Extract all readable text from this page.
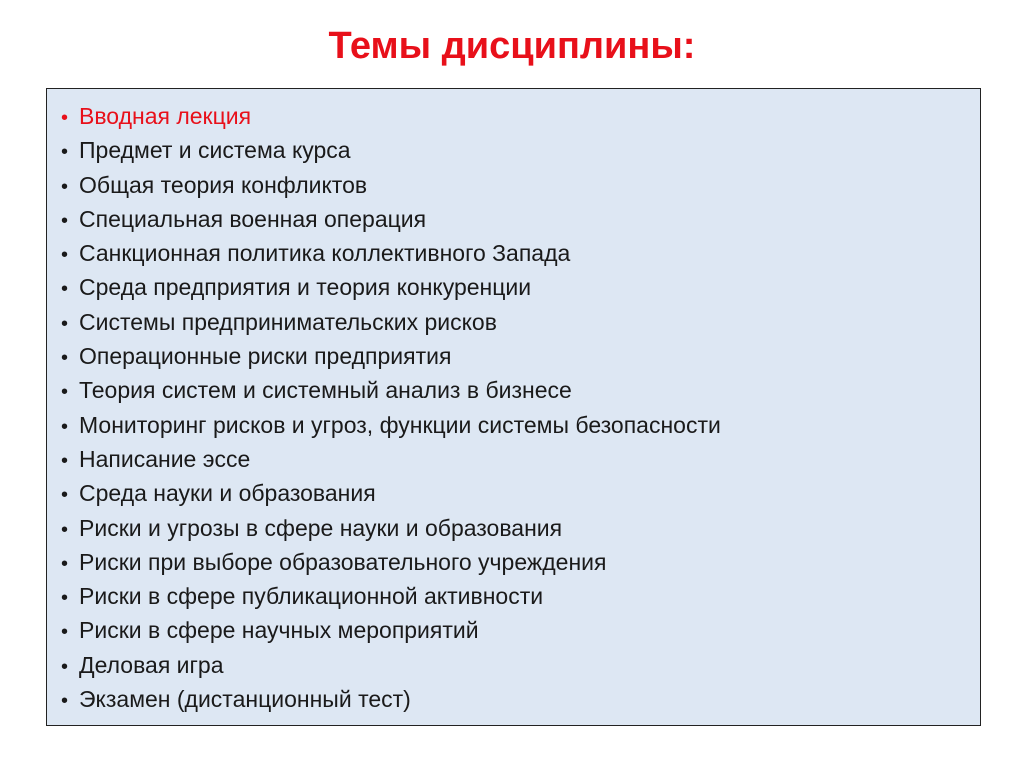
Темы дисциплины:
• Вводная лекция
• Предмет и система курса
• Общая теория конфликтов
• Специальная военная операция
• Санкционная политика коллективного Запада
• Среда предприятия и теория конкуренции
• Системы предпринимательских рисков
• Операционные риски предприятия
• Теория систем и системный анализ в бизнесе
• Мониторинг рисков и угроз, функции системы безопасности
• Написание эссе
• Среда науки и образования
• Риски и угрозы в сфере науки и образования
• Риски при выборе образовательного учреждения
• Риски в сфере публикационной активности
• Риски в сфере научных мероприятий
• Деловая игра
• Экзамен (дистанционный тест)
